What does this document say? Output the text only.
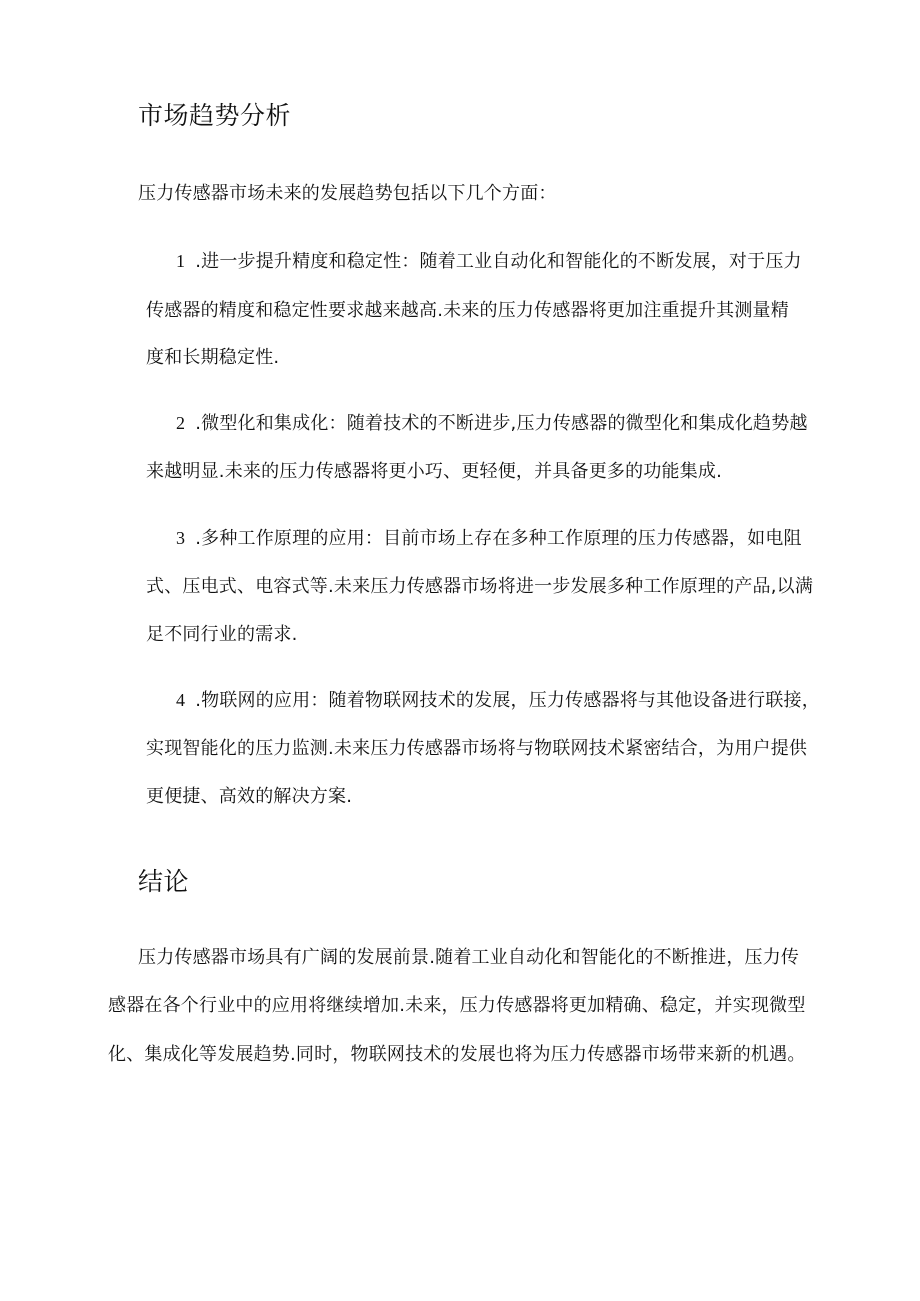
市场趋势分析
压力传感器市场未来的发展趋势包括以下几个方面：
1 .进一步提升精度和稳定性：随着工业自动化和智能化的不断发展，对于压力
传感器的精度和稳定性要求越来越高.未来的压力传感器将更加注重提升其测量精
度和长期稳定性.
2 .微型化和集成化：随着技术的不断进步,压力传感器的微型化和集成化趋势越
来越明显.未来的压力传感器将更小巧、更轻便，并具备更多的功能集成.
3 .多种工作原理的应用：目前市场上存在多种工作原理的压力传感器，如电阻
式、压电式、电容式等.未来压力传感器市场将进一步发展多种工作原理的产品,以满
足不同行业的需求.
4 .物联网的应用：随着物联网技术的发展，压力传感器将与其他设备进行联接，
实现智能化的压力监测.未来压力传感器市场将与物联网技术紧密结合，为用户提供
更便捷、高效的解决方案.
结论
压力传感器市场具有广阔的发展前景.随着工业自动化和智能化的不断推进，压力传
感器在各个行业中的应用将继续增加.未来，压力传感器将更加精确、稳定，并实现微型
化、集成化等发展趋势.同时，物联网技术的发展也将为压力传感器市场带来新的机遇。
